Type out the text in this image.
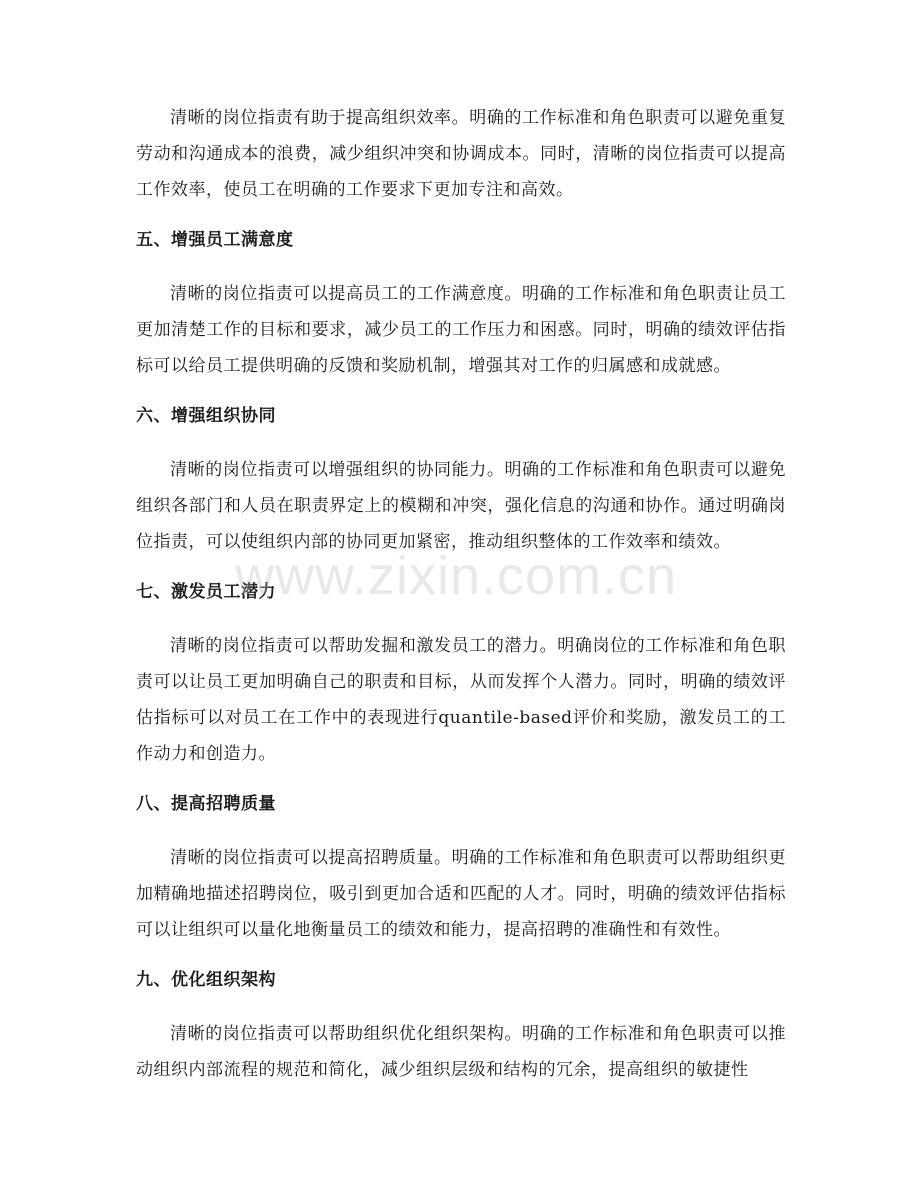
清晰的岗位指责有助于提高组织效率。明确的工作标准和角色职责可以避免重复劳动和沟通成本的浪费，减少组织冲突和协调成本。同时，清晰的岗位指责可以提高工作效率，使员工在明确的工作要求下更加专注和高效。

五、增强员工满意度

清晰的岗位指责可以提高员工的工作满意度。明确的工作标准和角色职责让员工更加清楚工作的目标和要求，减少员工的工作压力和困惑。同时，明确的绩效评估指标可以给员工提供明确的反馈和奖励机制，增强其对工作的归属感和成就感。

六、增强组织协同

清晰的岗位指责可以增强组织的协同能力。明确的工作标准和角色职责可以避免组织各部门和人员在职责界定上的模糊和冲突，强化信息的沟通和协作。通过明确岗位指责，可以使组织内部的协同更加紧密，推动组织整体的工作效率和绩效。

七、激发员工潜力

清晰的岗位指责可以帮助发掘和激发员工的潜力。明确岗位的工作标准和角色职责可以让员工更加明确自己的职责和目标，从而发挥个人潜力。同时，明确的绩效评估指标可以对员工在工作中的表现进行quantile-based评价和奖励，激发员工的工作动力和创造力。

八、提高招聘质量

清晰的岗位指责可以提高招聘质量。明确的工作标准和角色职责可以帮助组织更加精确地描述招聘岗位，吸引到更加合适和匹配的人才。同时，明确的绩效评估指标可以让组织可以量化地衡量员工的绩效和能力，提高招聘的准确性和有效性。

九、优化组织架构

清晰的岗位指责可以帮助组织优化组织架构。明确的工作标准和角色职责可以推动组织内部流程的规范和简化，减少组织层级和结构的冗余，提高组织的敏捷性

www.zixin.com.cn
